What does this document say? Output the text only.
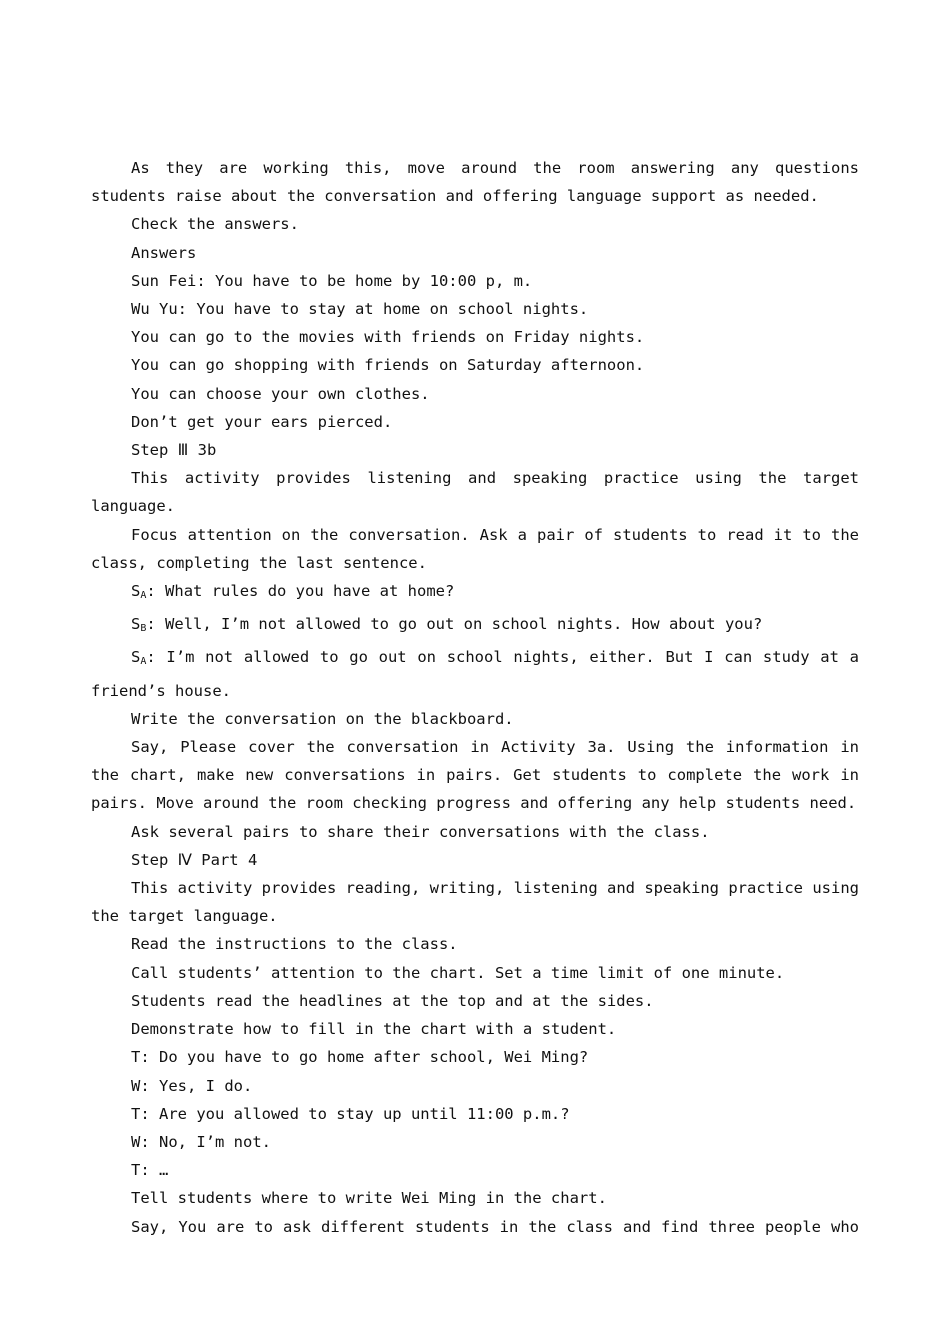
As they are working this, move around the room answering any questions students raise about the conversation and offering language support as needed.

Check the answers.

Answers

Sun Fei: You have to be home by 10:00 p, m.

Wu Yu: You have to stay at home on school nights.

You can go to the movies with friends on Friday nights.

You can go shopping with friends on Saturday afternoon.

You can choose your own clothes.

Don’t get your ears pierced.

Step Ⅲ 3b

This activity provides listening and speaking practice using the target language.

Focus attention on the conversation. Ask a pair of students to read it to the class, completing the last sentence.

$S_A$: What rules do you have at home?

$S_B$: Well, I’m not allowed to go out on school nights. How about you?

$S_A$: I’m not allowed to go out on school nights, either. But I can study at a friend’s house.

Write the conversation on the blackboard.

Say, Please cover the conversation in Activity 3a. Using the information in the chart, make new conversations in pairs. Get students to complete the work in pairs. Move around the room checking progress and offering any help students need.

Ask several pairs to share their conversations with the class.

Step Ⅳ Part 4

This activity provides reading, writing, listening and speaking practice using the target language.

Read the instructions to the class.

Call students’ attention to the chart. Set a time limit of one minute.

Students read the headlines at the top and at the sides.

Demonstrate how to fill in the chart with a student.

T: Do you have to go home after school, Wei Ming?

W: Yes, I do.

T: Are you allowed to stay up until 11:00 p.m.?

W: No, I’m not.

T: …

Tell students where to write Wei Ming in the chart.

Say, You are to ask different students in the class and find three people who
